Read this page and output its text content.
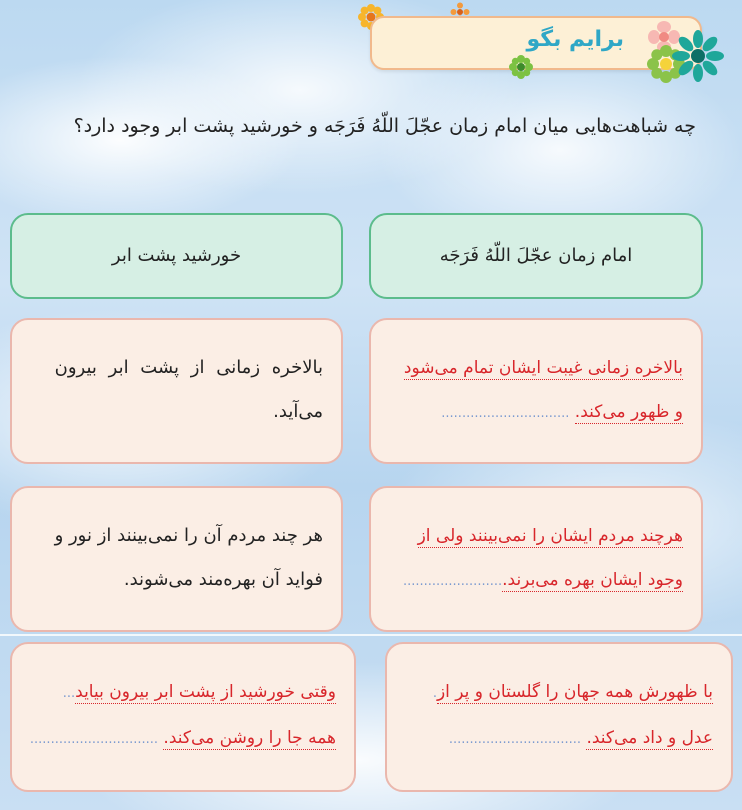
برایم بگو
چه شباهت‌هایی میان امام زمان عجّلَ اللّهُ فَرَجَه و خورشید پشت ابر وجود دارد؟
امام زمان عجّلَ اللّهُ فَرَجَه
خورشید پشت ابر
بالاخره زمانی غیبت ایشان تمام می‌شود
و ظهور می‌کند. ...............................
بالاخره زمانی از پشت ابر بیرون
می‌آید.
هرچند مردم ایشان را نمی‌بینند ولی از
وجود ایشان بهره می‌برند.........................
هر چند مردم آن را نمی‌بینند از نور و
فواید آن بهره‌مند می‌شوند.
با ظهورش همه جهان را گلستان و پر از.
عدل و داد می‌کند. ................................
وقتی خورشید از پشت ابر بیرون بیاید...
همه جا را روشن می‌کند. ...............................
